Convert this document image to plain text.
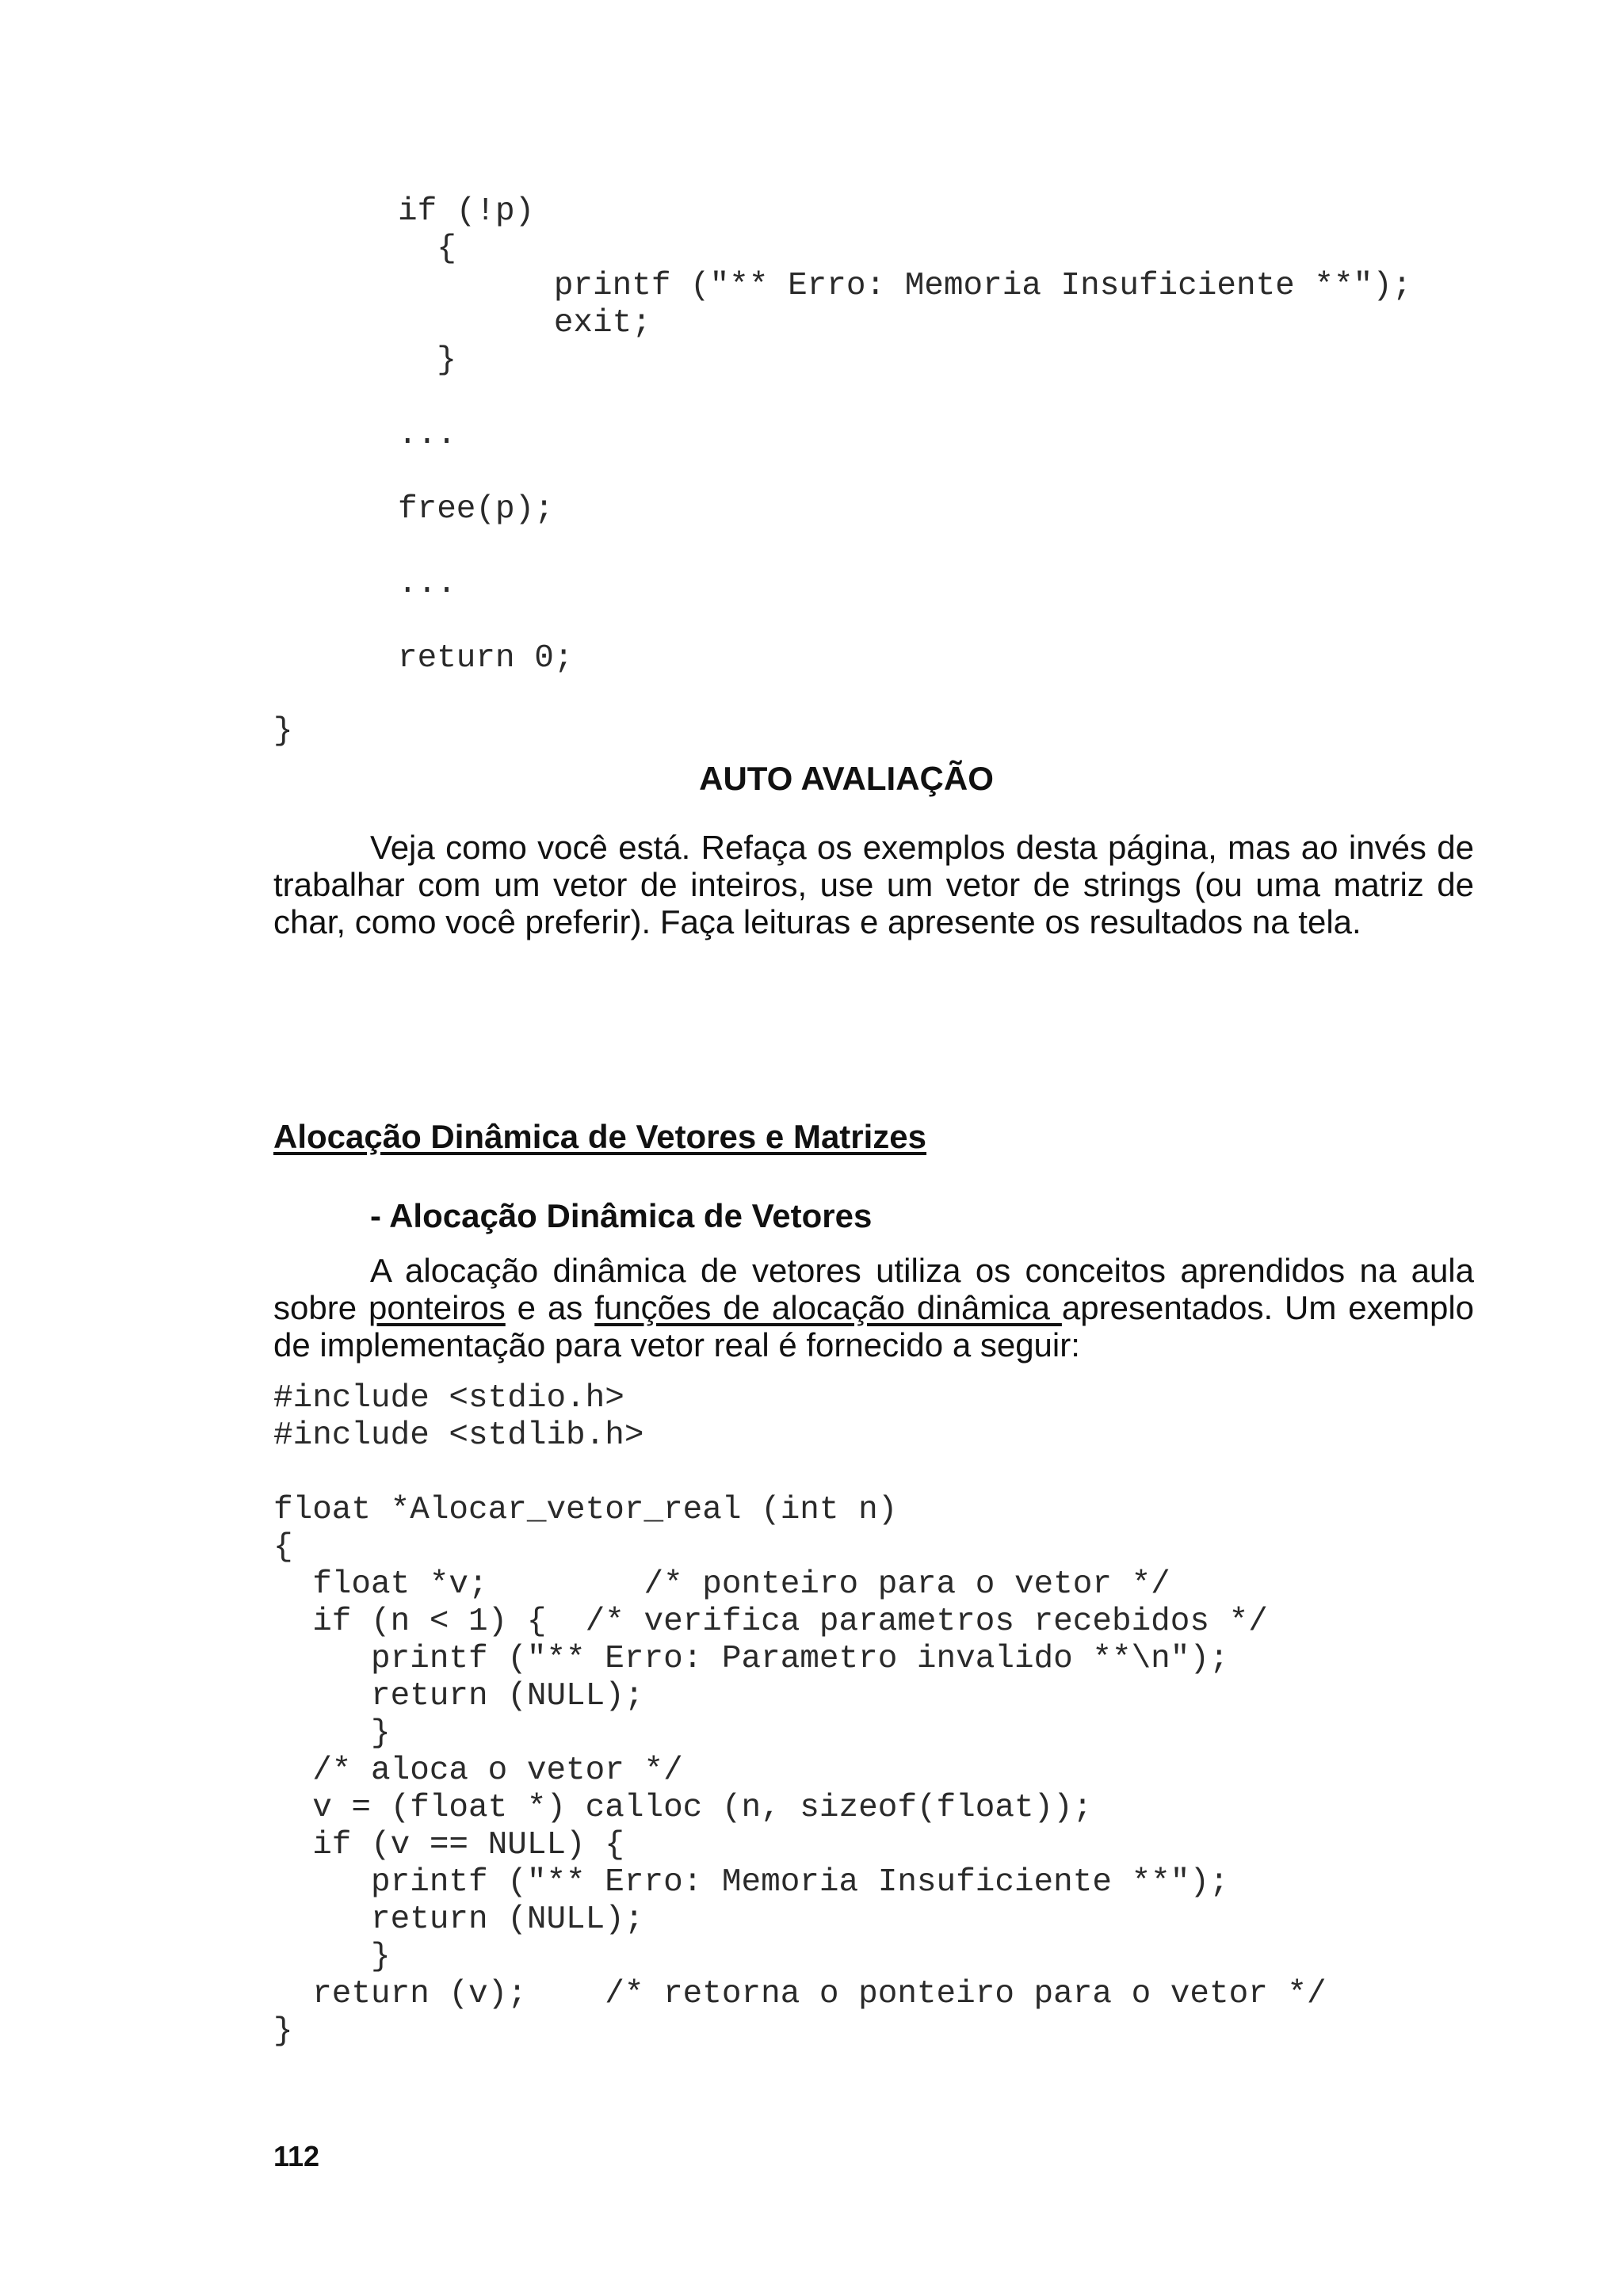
if (!p)
{
printf ("** Erro: Memoria Insuficiente **");
exit;
}

...

free(p);

...

return 0;
}
AUTO AVALIAÇÃO

Veja como você está. Refaça os exemplos desta página, mas ao invés de trabalhar com um vetor de inteiros, use um vetor de strings (ou uma matriz de char, como você preferir). Faça leituras e apresente os resultados na tela.

Alocação Dinâmica de Vetores e Matrizes
- Alocação Dinâmica de Vetores

A alocação dinâmica de vetores utiliza os conceitos aprendidos na aula sobre ponteiros e as funções de alocação dinâmica apresentados. Um exemplo de implementação para vetor real é fornecido a seguir:

#include <stdio.h>
#include <stdlib.h>

float *Alocar_vetor_real (int n)
{
float *v;        /* ponteiro para o vetor */
if (n < 1) {  /* verifica parametros recebidos */
printf ("** Erro: Parametro invalido **\n");
return (NULL);
}
/* aloca o vetor */
v = (float *) calloc (n, sizeof(float));
if (v == NULL) {
printf ("** Erro: Memoria Insuficiente **");
return (NULL);
}
return (v);    /* retorna o ponteiro para o vetor */
}
112
